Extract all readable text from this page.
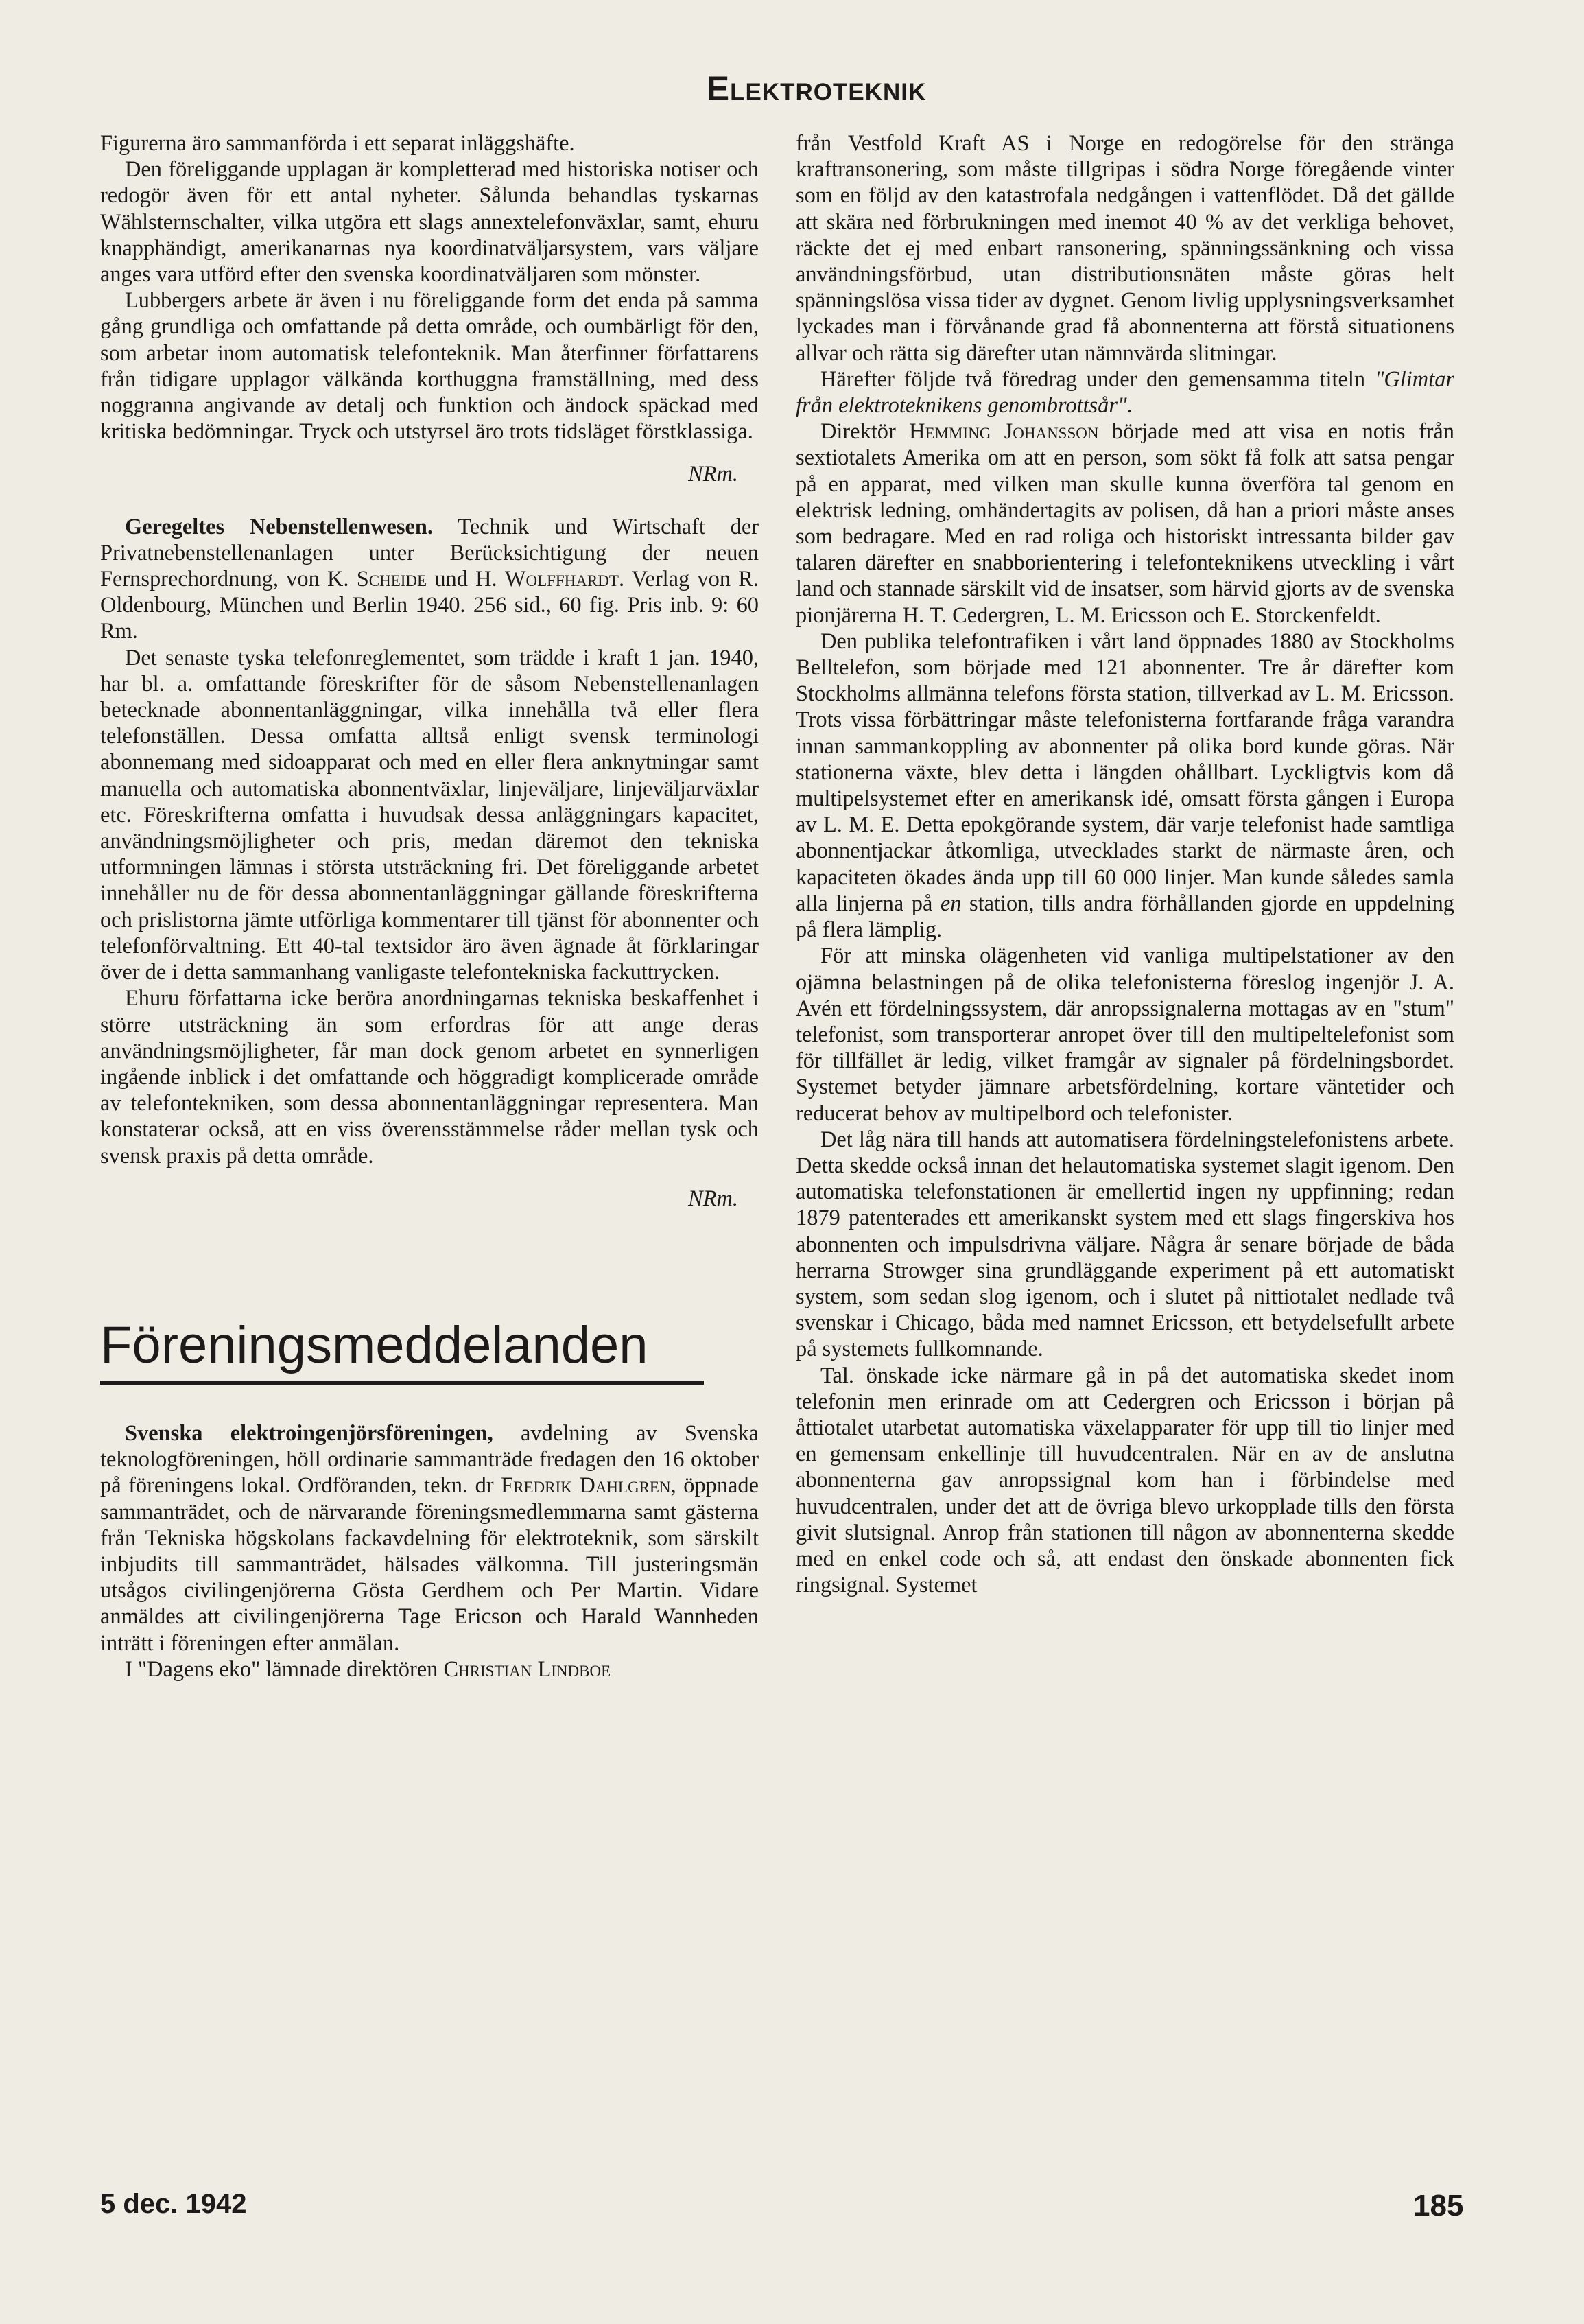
Elektroteknik

Figurerna äro sammanförda i ett separat inläggshäfte.

Den föreliggande upplagan är kompletterad med historiska notiser och redogör även för ett antal nyheter. Sålunda behandlas tyskarnas Wählsternschalter, vilka utgöra ett slags annextelefonväxlar, samt, ehuru knapphändigt, amerikanarnas nya koordinatväljarsystem, vars väljare anges vara utförd efter den svenska koordinatväljaren som mönster.

Lubbergers arbete är även i nu föreliggande form det enda på samma gång grundliga och omfattande på detta område, och oumbärligt för den, som arbetar inom automatisk telefonteknik. Man återfinner författarens från tidigare upplagor välkända korthuggna framställning, med dess noggranna angivande av detalj och funktion och ändock späckad med kritiska bedömningar. Tryck och utstyrsel äro trots tidsläget förstklassiga.

NRm.

Geregeltes Nebenstellenwesen. Technik und Wirtschaft der Privatnebenstellenanlagen unter Berücksichtigung der neuen Fernsprechordnung, von K. Scheide und H. Wolffhardt. Verlag von R. Oldenbourg, München und Berlin 1940. 256 sid., 60 fig. Pris inb. 9: 60 Rm.

Det senaste tyska telefonreglementet, som trädde i kraft 1 jan. 1940, har bl. a. omfattande föreskrifter för de såsom Nebenstellenanlagen betecknade abonnentanläggningar, vilka innehålla två eller flera telefonställen. Dessa omfatta alltså enligt svensk terminologi abonnemang med sidoapparat och med en eller flera anknytningar samt manuella och automatiska abonnentväxlar, linjeväljare, linjeväljarväxlar etc. Föreskrifterna omfatta i huvudsak dessa anläggningars kapacitet, användningsmöjligheter och pris, medan däremot den tekniska utformningen lämnas i största utsträckning fri. Det föreliggande arbetet innehåller nu de för dessa abonnentanläggningar gällande föreskrifterna och prislistorna jämte utförliga kommentarer till tjänst för abonnenter och telefonförvaltning. Ett 40-tal textsidor äro även ägnade åt förklaringar över de i detta sammanhang vanligaste telefontekniska fackuttrycken.

Ehuru författarna icke beröra anordningarnas tekniska beskaffenhet i större utsträckning än som erfordras för att ange deras användningsmöjligheter, får man dock genom arbetet en synnerligen ingående inblick i det omfattande och höggradigt komplicerade område av telefontekniken, som dessa abonnentanläggningar representera. Man konstaterar också, att en viss överensstämmelse råder mellan tysk och svensk praxis på detta område.

NRm.

Föreningsmeddelanden

Svenska elektroingenjörsföreningen, avdelning av Svenska teknologföreningen, höll ordinarie sammanträde fredagen den 16 oktober på föreningens lokal. Ordföranden, tekn. dr Fredrik Dahlgren, öppnade sammanträdet, och de närvarande föreningsmedlemmarna samt gästerna från Tekniska högskolans fackavdelning för elektroteknik, som särskilt inbjudits till sammanträdet, hälsades välkomna. Till justeringsmän utsågos civilingenjörerna Gösta Gerdhem och Per Martin. Vidare anmäldes att civilingenjörerna Tage Ericson och Harald Wannheden inträtt i föreningen efter anmälan.

I "Dagens eko" lämnade direktören Christian Lindboe

från Vestfold Kraft AS i Norge en redogörelse för den stränga kraftransonering, som måste tillgripas i södra Norge föregående vinter som en följd av den katastrofala nedgången i vattenflödet. Då det gällde att skära ned förbrukningen med inemot 40 % av det verkliga behovet, räckte det ej med enbart ransonering, spänningssänkning och vissa användningsförbud, utan distributionsnäten måste göras helt spänningslösa vissa tider av dygnet. Genom livlig upplysningsverksamhet lyckades man i förvånande grad få abonnenterna att förstå situationens allvar och rätta sig därefter utan nämnvärda slitningar.

Härefter följde två föredrag under den gemensamma titeln "Glimtar från elektroteknikens genombrottsår".

Direktör Hemming Johansson började med att visa en notis från sextiotalets Amerika om att en person, som sökt få folk att satsa pengar på en apparat, med vilken man skulle kunna överföra tal genom en elektrisk ledning, omhändertagits av polisen, då han a priori måste anses som bedragare. Med en rad roliga och historiskt intressanta bilder gav talaren därefter en snabborientering i telefonteknikens utveckling i vårt land och stannade särskilt vid de insatser, som härvid gjorts av de svenska pionjärerna H. T. Cedergren, L. M. Ericsson och E. Storckenfeldt.

Den publika telefontrafiken i vårt land öppnades 1880 av Stockholms Belltelefon, som började med 121 abonnenter. Tre år därefter kom Stockholms allmänna telefons första station, tillverkad av L. M. Ericsson. Trots vissa förbättringar måste telefonisterna fortfarande fråga varandra innan sammankoppling av abonnenter på olika bord kunde göras. När stationerna växte, blev detta i längden ohållbart. Lyckligtvis kom då multipelsystemet efter en amerikansk idé, omsatt första gången i Europa av L. M. E. Detta epokgörande system, där varje telefonist hade samtliga abonnentjackar åtkomliga, utvecklades starkt de närmaste åren, och kapaciteten ökades ända upp till 60 000 linjer. Man kunde således samla alla linjerna på en station, tills andra förhållanden gjorde en uppdelning på flera lämplig.

För att minska olägenheten vid vanliga multipelstationer av den ojämna belastningen på de olika telefonisterna föreslog ingenjör J. A. Avén ett fördelningssystem, där anropssignalerna mottagas av en "stum" telefonist, som transporterar anropet över till den multipeltelefonist som för tillfället är ledig, vilket framgår av signaler på fördelningsbordet. Systemet betyder jämnare arbetsfördelning, kortare väntetider och reducerat behov av multipelbord och telefonister.

Det låg nära till hands att automatisera fördelningstelefonistens arbete. Detta skedde också innan det helautomatiska systemet slagit igenom. Den automatiska telefonstationen är emellertid ingen ny uppfinning; redan 1879 patenterades ett amerikanskt system med ett slags fingerskiva hos abonnenten och impulsdrivna väljare. Några år senare började de båda herrarna Strowger sina grundläggande experiment på ett automatiskt system, som sedan slog igenom, och i slutet på nittiotalet nedlade två svenskar i Chicago, båda med namnet Ericsson, ett betydelsefullt arbete på systemets fullkomnande.

Tal. önskade icke närmare gå in på det automatiska skedet inom telefonin men erinrade om att Cedergren och Ericsson i början på åttiotalet utarbetat automatiska växelapparater för upp till tio linjer med en gemensam enkellinje till huvudcentralen. När en av de anslutna abonnenterna gav anropssignal kom han i förbindelse med huvudcentralen, under det att de övriga blevo urkopplade tills den första givit slutsignal. Anrop från stationen till någon av abonnenterna skedde med en enkel code och så, att endast den önskade abonnenten fick ringsignal. Systemet

5 dec. 1942	185
